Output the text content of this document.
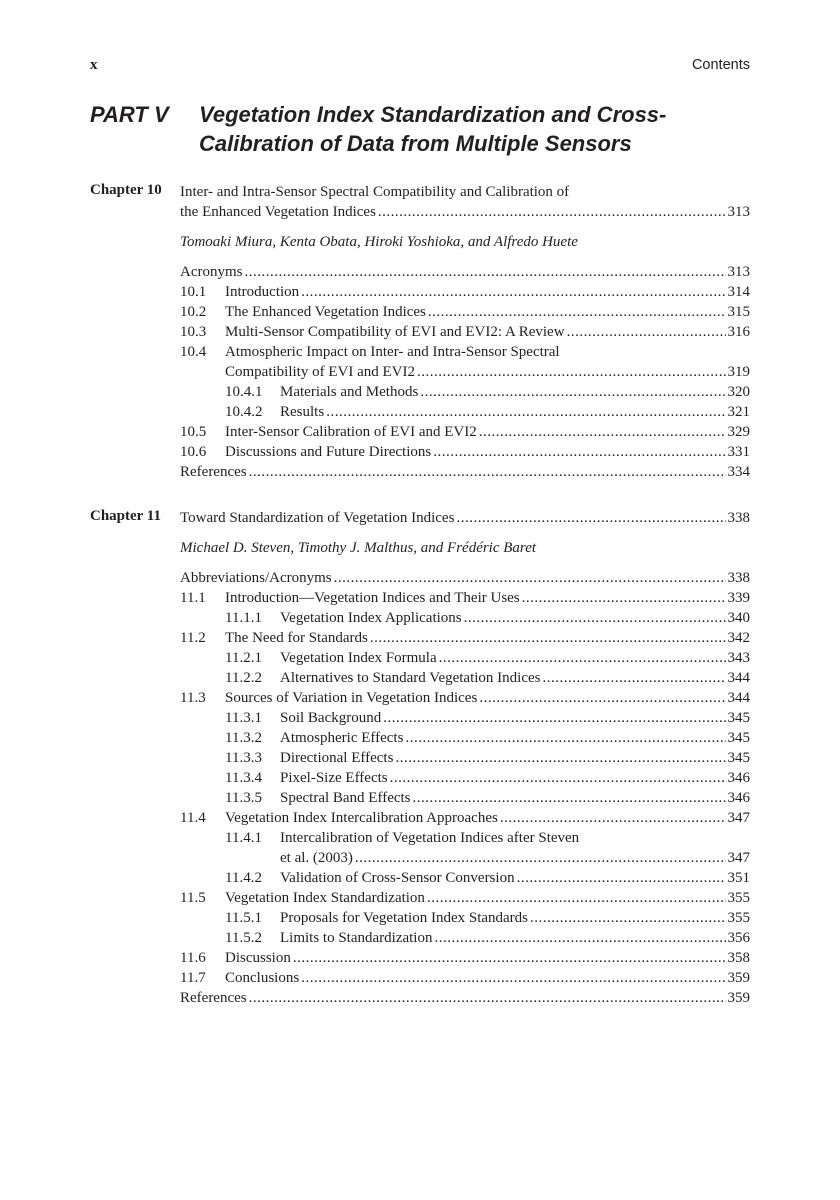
x	Contents
PART V Vegetation Index Standardization and Cross-
Calibration of Data from Multiple Sensors
Chapter 10 Inter- and Intra-Sensor Spectral Compatibility and Calibration of
the Enhanced Vegetation Indices .....	313
Tomoaki Miura, Kenta Obata, Hiroki Yoshioka, and Alfredo Huete
Acronyms .....	313
10.1	Introduction .....	314
10.2	The Enhanced Vegetation Indices .....	315
10.3	Multi-Sensor Compatibility of EVI and EVI2: A Review .....	316
10.4	Atmospheric Impact on Inter- and Intra-Sensor Spectral
Compatibility of EVI and EVI2 .....	319
10.4.1	Materials and Methods .....	320
10.4.2	Results .....	321
10.5	Inter-Sensor Calibration of EVI and EVI2 .....	329
10.6	Discussions and Future Directions .....	331
References .....	334
Chapter 11 Toward Standardization of Vegetation Indices .....	338
Michael D. Steven, Timothy J. Malthus, and Frédéric Baret
Abbreviations/Acronyms .....	338
11.1	Introduction—Vegetation Indices and Their Uses .....	339
11.1.1	Vegetation Index Applications .....	340
11.2	The Need for Standards .....	342
11.2.1	Vegetation Index Formula .....	343
11.2.2	Alternatives to Standard Vegetation Indices .....	344
11.3	Sources of Variation in Vegetation Indices .....	344
11.3.1	Soil Background .....	345
11.3.2	Atmospheric Effects .....	345
11.3.3	Directional Effects .....	345
11.3.4	Pixel-Size Effects .....	346
11.3.5	Spectral Band Effects .....	346
11.4	Vegetation Index Intercalibration Approaches .....	347
11.4.1	Intercalibration of Vegetation Indices after Steven
et al. (2003) .....	347
11.4.2	Validation of Cross-Sensor Conversion .....	351
11.5	Vegetation Index Standardization .....	355
11.5.1	Proposals for Vegetation Index Standards .....	355
11.5.2	Limits to Standardization .....	356
11.6	Discussion .....	358
11.7	Conclusions .....	359
References .....	359
